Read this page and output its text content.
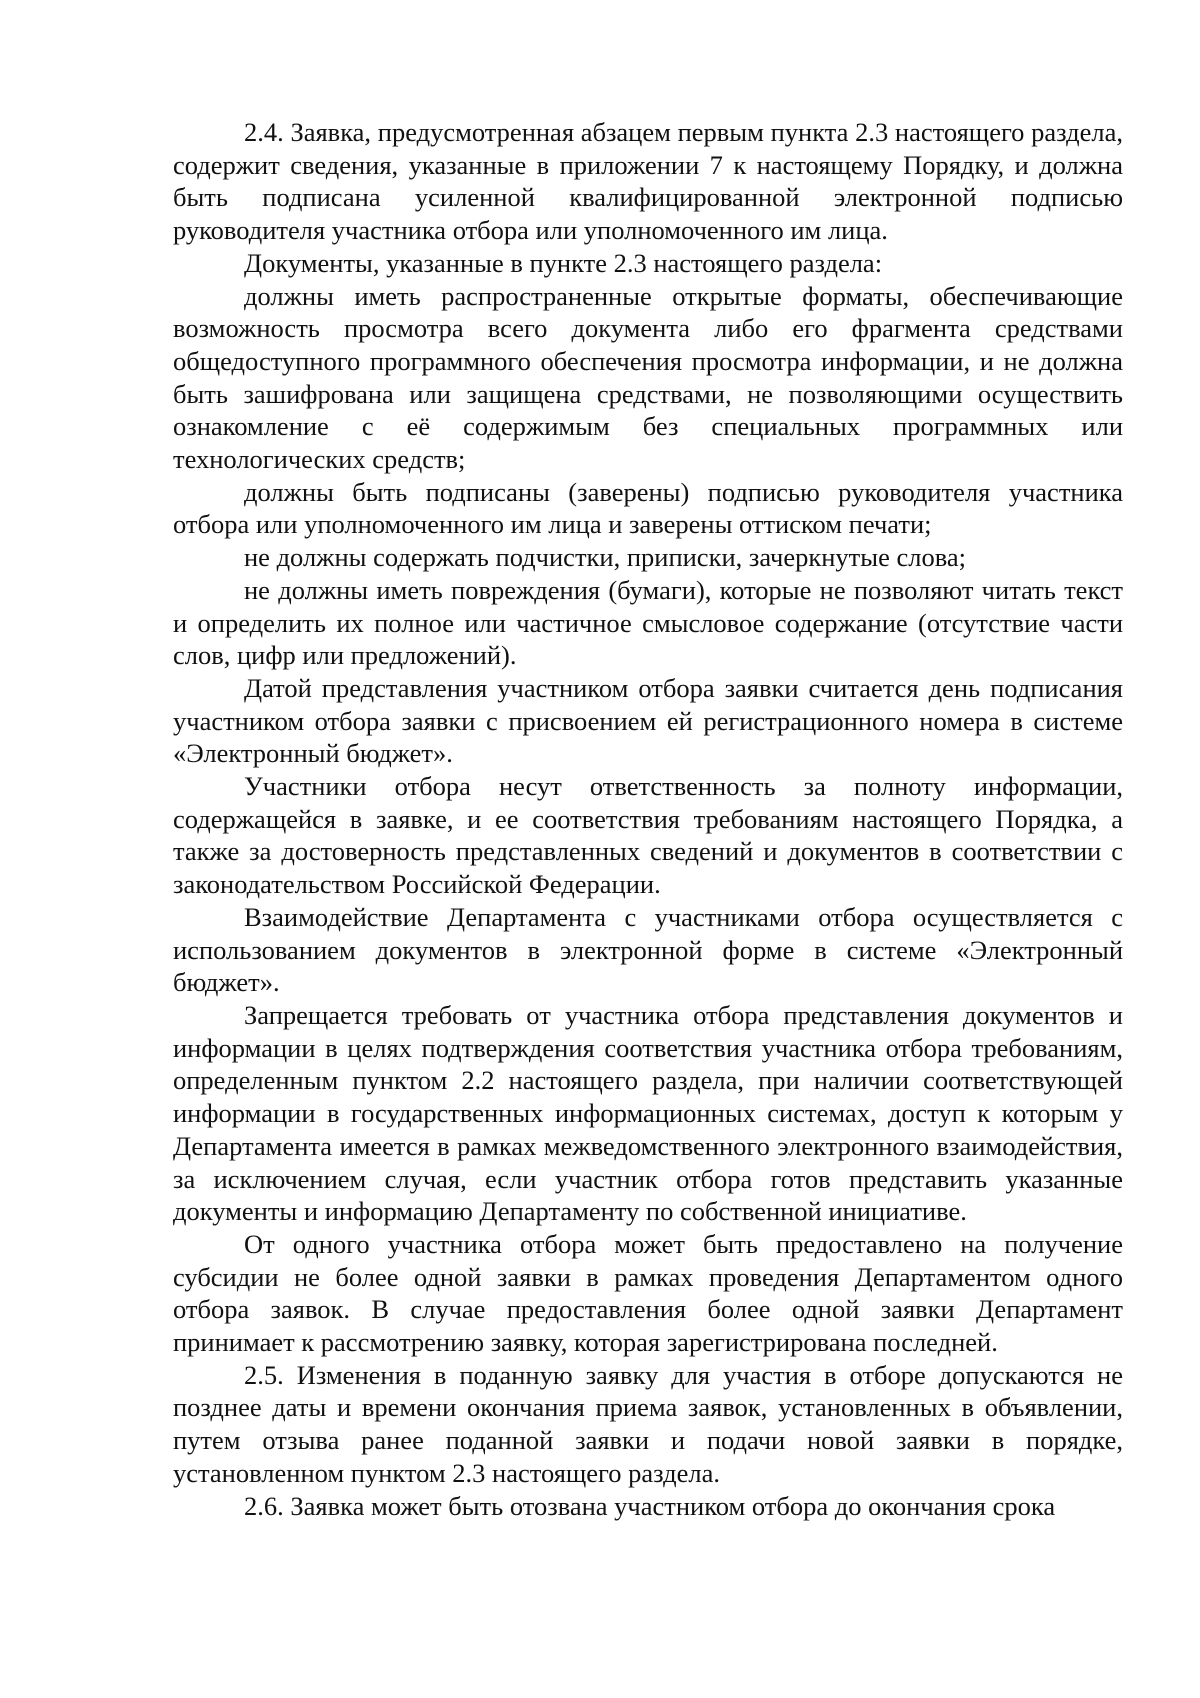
2.4. Заявка, предусмотренная абзацем первым пункта 2.3 настоящего раздела, содержит сведения, указанные в приложении 7 к настоящему Порядку, и должна быть подписана усиленной квалифицированной электронной подписью руководителя участника отбора или уполномоченного им лица.

Документы, указанные в пункте 2.3 настоящего раздела:

должны иметь распространенные открытые форматы, обеспечивающие возможность просмотра всего документа либо его фрагмента средствами общедоступного программного обеспечения просмотра информации, и не должна быть зашифрована или защищена средствами, не позволяющими осуществить ознакомление с её содержимым без специальных программных или технологических средств;

должны быть подписаны (заверены) подписью руководителя участника отбора или уполномоченного им лица и заверены оттиском печати;

не должны содержать подчистки, приписки, зачеркнутые слова;

не должны иметь повреждения (бумаги), которые не позволяют читать текст и определить их полное или частичное смысловое содержание (отсутствие части слов, цифр или предложений).

Датой представления участником отбора заявки считается день подписания участником отбора заявки с присвоением ей регистрационного номера в системе «Электронный бюджет».

Участники отбора несут ответственность за полноту информации, содержащейся в заявке, и ее соответствия требованиям настоящего Порядка, а также за достоверность представленных сведений и документов в соответствии с законодательством Российской Федерации.

Взаимодействие Департамента с участниками отбора осуществляется с использованием документов в электронной форме в системе «Электронный бюджет».

Запрещается требовать от участника отбора представления документов и информации в целях подтверждения соответствия участника отбора требованиям, определенным пунктом 2.2 настоящего раздела, при наличии соответствующей информации в государственных информационных системах, доступ к которым у Департамента имеется в рамках межведомственного электронного взаимодействия, за исключением случая, если участник отбора готов представить указанные документы и информацию Департаменту по собственной инициативе.

От одного участника отбора может быть предоставлено на получение субсидии не более одной заявки в рамках проведения Департаментом одного отбора заявок. В случае предоставления более одной заявки Департамент принимает к рассмотрению заявку, которая зарегистрирована последней.

2.5. Изменения в поданную заявку для участия в отборе допускаются не позднее даты и времени окончания приема заявок, установленных в объявлении, путем отзыва ранее поданной заявки и подачи новой заявки в порядке, установленном пунктом 2.3 настоящего раздела.

2.6. Заявка может быть отозвана участником отбора до окончания срока
